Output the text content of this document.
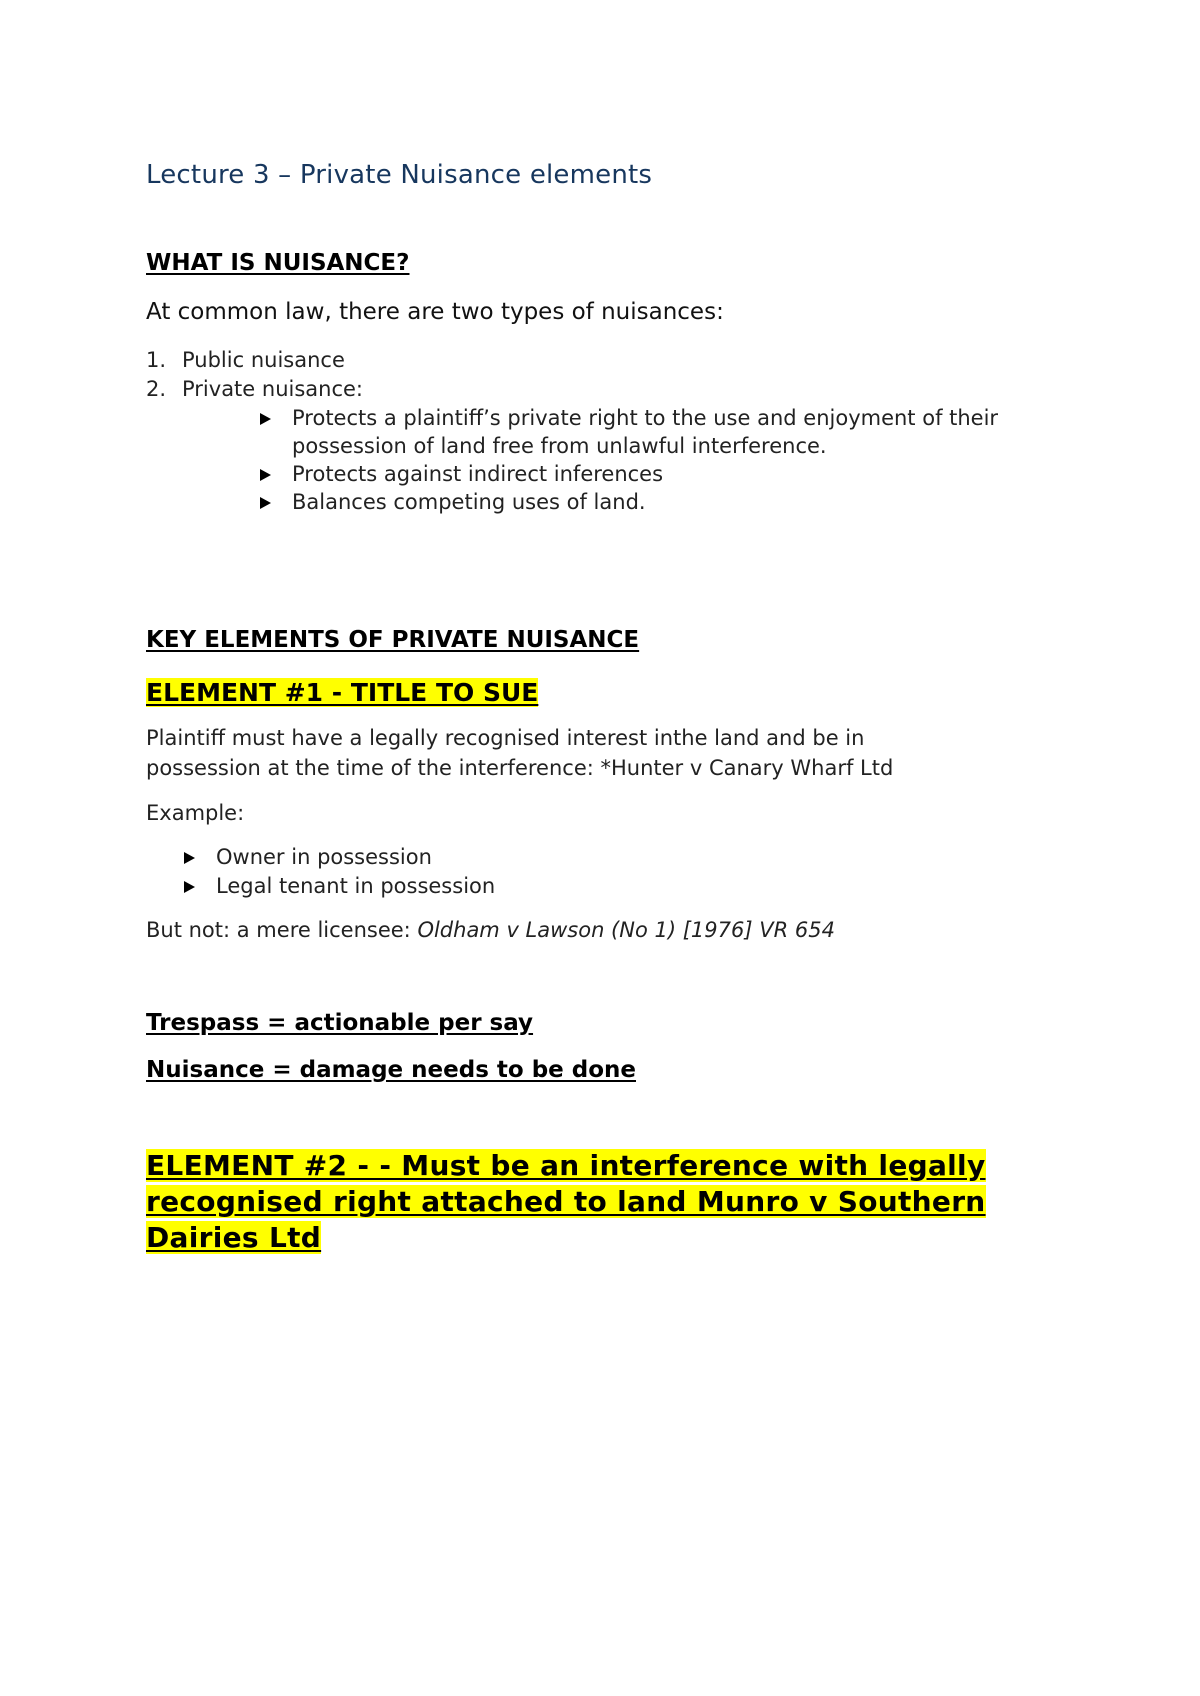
Lecture 3 – Private Nuisance elements
WHAT IS NUISANCE?
At common law, there are two types of nuisances:
1. Public nuisance
2. Private nuisance:
Protects a plaintiff’s private right to the use and enjoyment of their
possession of land free from unlawful interference.
Protects against indirect inferences
Balances competing uses of land.
KEY ELEMENTS OF PRIVATE NUISANCE
ELEMENT #1 - TITLE TO SUE
Plaintiff must have a legally recognised interest inthe land and be in
possession at the time of the interference: *Hunter v Canary Wharf Ltd
Example:
Owner in possession
Legal tenant in possession
But not: a mere licensee: Oldham v Lawson (No 1) [1976] VR 654
Trespass = actionable per say
Nuisance = damage needs to be done
ELEMENT #2 - - Must be an interference with legally
recognised right attached to land Munro v Southern
Dairies Ltd
